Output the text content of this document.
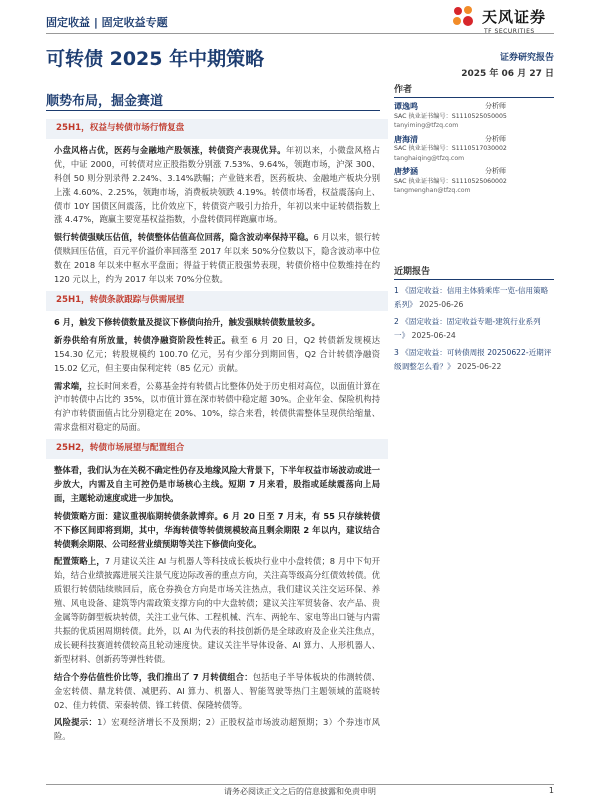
固定收益 | 固定收益专题	天风证券
TF SECURITIES
可转债 2025 年中期策略	证券研究报告
2025 年 06 月 27 日
顺势布局，掘金赛道
25H1，权益与转债市场行情复盘
小盘风格占优，医药与金融地产股领涨，转债资产表现优异。年初以来，小微盘风格占优，中证 2000，可转债对应正股指数分别涨 7.53%、9.64%，领跑市场，沪深 300、科创 50 则分别录得 2.24%、3.14%跌幅；产业链来看，医药板块、金融地产板块分别上涨 4.60%、2.25%，领跑市场，消费板块领跌 4.19%。转债市场看，权益震荡向上、债市 10Y 国债区间震荡，比价效应下，转债资产吸引力抬升，年初以来中证转债指数上涨 4.47%，跑赢主要宽基权益指数，小盘转债同样跑赢市场。
银行转债强赎压估值，转债整体估值高位回落，隐含波动率保持平稳。6 月以来，银行转债赎回压估值，百元平价溢价率回落至 2017 年以来 50%分位数以下，隐含波动率中位数在 2018 年以来中枢水平盘面；得益于转债正股强势表现，转债价格中位数维持在约 120 元以上，约为 2017 年以来 70%分位数。
25H1，转债条款跟踪与供需展望
6 月，触发下修转债数量及提议下修债向抬升，触发强赎转债数量较多。
新券供给有所放量，转债净融资阶段性转正。截至 6 月 20 日，Q2 转债新发规模达 154.30 亿元；转股规模约 100.70 亿元，另有少部分到期回售，Q2 合计转债净融资 15.02 亿元，但主要由保利定转（85 亿元）贡献。
需求端，拉长时间来看，公募基金持有转债占比整体仍处于历史相对高位，以面值计算在沪市转债中占比约 35%，以市值计算在深市转债中稳定超 30%。企业年金、保险机构持有沪市转债面值占比分别稳定在 20%、10%，综合来看，转债供需整体呈现供给缩量、需求盘相对稳定的局面。
25H2，转债市场展望与配置组合
整体看，我们认为在关税不确定性仍存及地缘风险大背景下，下半年权益市场波动或进一步放大，内需及自主可控仍是市场核心主线。短期 7 月来看，股指或延续震荡向上局面，主题轮动速度或进一步加快。
转债策略方面：建议重视临期转债条款博弈。6 月 20 日至 7 月末，有 55 只存续转债不下修区间即将到期，其中，华海转债等转债规模较高且剩余期限 2 年以内，建议结合转债剩余期限、公司经营业绩预期等关注下修债向变化。
配置策略上，7 月建议关注 AI 与机器人等科技成长板块行业中小盘转债；8 月中下旬开始，结合业绩披露进展关注景气度边际改善的重点方向，关注高等级高分红债效转债。优质银行转债陆续赎回后，底仓券换仓方向是市场关注热点，我们建议关注交运环保、养殖、风电设备、建筑等内需政策支撑方向的中大盘转债；建议关注军贸装备、农产品、贵金属等防御型板块转债，关注工业气体、工程机械、汽车、两轮车、家电等出口链与内需共振的优质困周期转债。此外，以 AI 为代表的科技创新仍是全球政府及企业关注焦点，成长硬科技赛道转债较高且轮动速度快。建议关注半导体设备、AI 算力、人形机器人、新型材料、创新药等弹性转债。
结合个券估值性价比等，我们推出了 7 月转债组合：包括电子半导体板块的伟测转债、金宏转债、鼎龙转债、减肥药、AI 算力、机器人、智能驾驶等热门主题领域的蓝晓转 02、佳力转债、荣泰转债、锋工转债、保隆转债等。
风险提示：1）宏观经济增长不及预期；2）正股权益市场波动超预期；3）个券违市风险。
作者
谭逸鸣	分析师
SAC 执业证书编号：S1110525050005
tanyiming@tfzq.com
唐海清	分析师
SAC 执业证书编号：S1110517030002
tanghaiqing@tfzq.com
唐梦涵	分析师
SAC 执业证书编号：S1110525060002
tangmenghan@tfzq.com
近期报告
1 《固定收益：信用主体骑乘库一览-信用策略系列》 2025-06-26
2 《固定收益：固定收益专题-建筑行业系列一》 2025-06-24
3 《固定收益：可转债周报 20250622-近期评级调整怎么看？》 2025-06-22
请务必阅读正文之后的信息披露和免责申明	1
